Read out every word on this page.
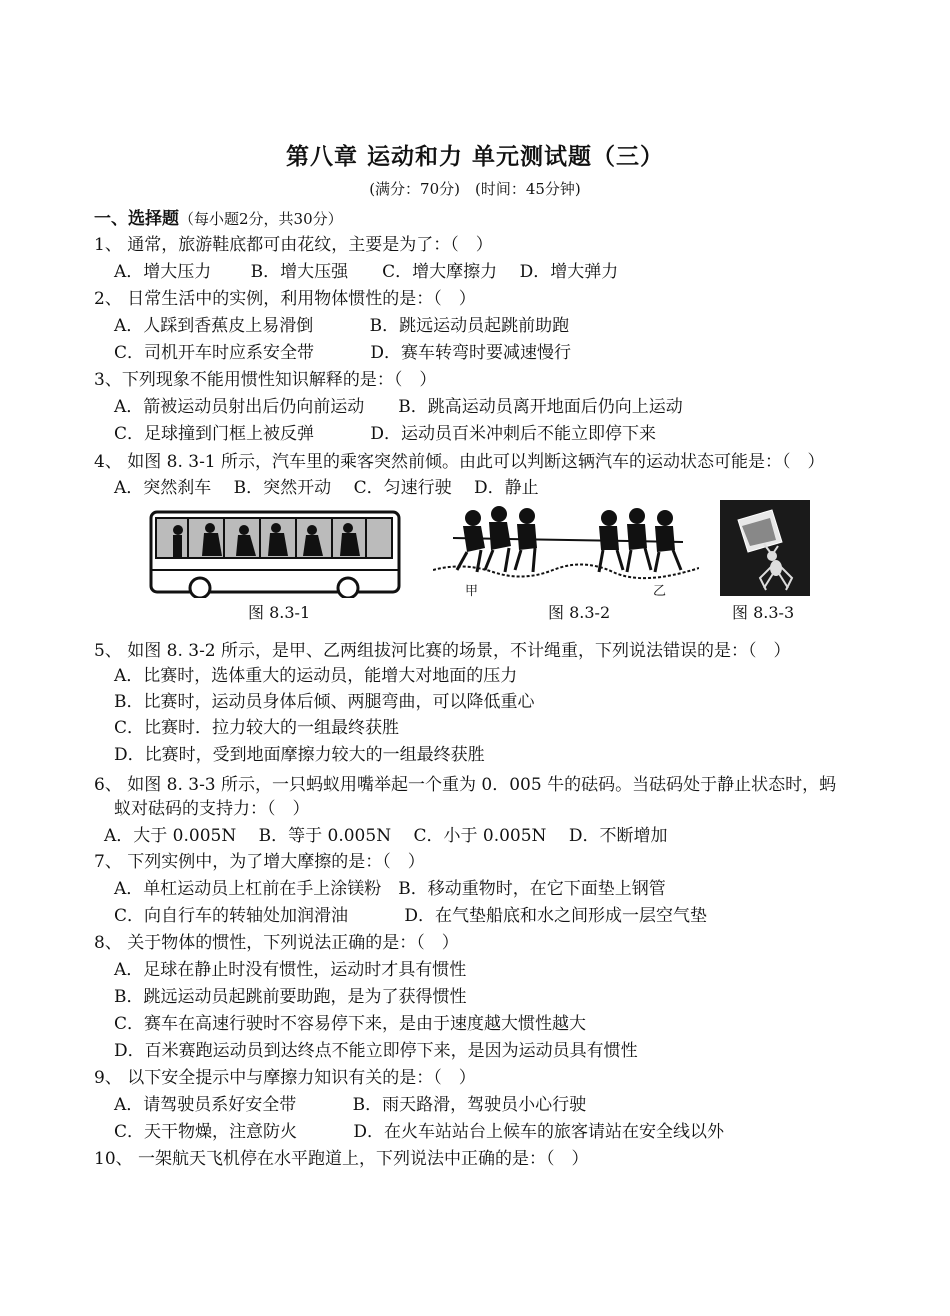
第八章 运动和力 单元测试题（三）
(满分：70分)　(时间：45分钟)
一、选择题（每小题2分，共30分）
1、 通常，旅游鞋底都可由花纹，主要是为了：（　）
A．增大压力　　 B．增大压强　　C．增大摩擦力　 D．增大弹力
2、 日常生活中的实例，利用物体惯性的是：（　）
A．人踩到香蕉皮上易滑倒　　　 B．跳远运动员起跳前助跑
C．司机开车时应系安全带　　　 D．赛车转弯时要减速慢行
3、下列现象不能用惯性知识解释的是：（　）
A．箭被运动员射出后仍向前运动　　B．跳高运动员离开地面后仍向上运动
C．足球撞到门框上被反弹　　　 D．运动员百米冲刺后不能立即停下来
4、 如图 8. 3-1 所示，汽车里的乘客突然前倾。由此可以判断这辆汽车的运动状态可能是：（　）
A．突然刹车　 B．突然开动　 C．匀速行驶　 D．静止
图 8.3-1
甲	乙
图 8.3-2	图 8.3-3
5、 如图 8. 3-2 所示，是甲、乙两组拔河比赛的场景，不计绳重，下列说法错误的是：（　）
A．比赛时，选体重大的运动员，能增大对地面的压力
B．比赛时，运动员身体后倾、两腿弯曲，可以降低重心
C．比赛时．拉力较大的一组最终获胜
D．比赛时，受到地面摩擦力较大的一组最终获胜
6、 如图 8. 3-3 所示，一只蚂蚁用嘴举起一个重为 0．005 牛的砝码。当砝码处于静止状态时，蚂
蚁对砝码的支持力：（　）
A．大于 0.005N　 B．等于 0.005N　 C．小于 0.005N　 D．不断增加
7、 下列实例中，为了增大摩擦的是：（　）
A．单杠运动员上杠前在手上涂镁粉　B．移动重物时，在它下面垫上钢管
C．向自行车的转轴处加润滑油　　　 D．在气垫船底和水之间形成一层空气垫
8、 关于物体的惯性，下列说法正确的是：（　）
A．足球在静止时没有惯性，运动时才具有惯性
B．跳远运动员起跳前要助跑，是为了获得惯性
C．赛车在高速行驶时不容易停下来，是由于速度越大惯性越大
D．百米赛跑运动员到达终点不能立即停下来，是因为运动员具有惯性
9、 以下安全提示中与摩擦力知识有关的是：（　）
A．请驾驶员系好安全带　　　 B．雨天路滑，驾驶员小心行驶
C．天干物燥，注意防火　　　 D．在火车站站台上候车的旅客请站在安全线以外
10、 一架航天飞机停在水平跑道上，下列说法中正确的是：（　）
